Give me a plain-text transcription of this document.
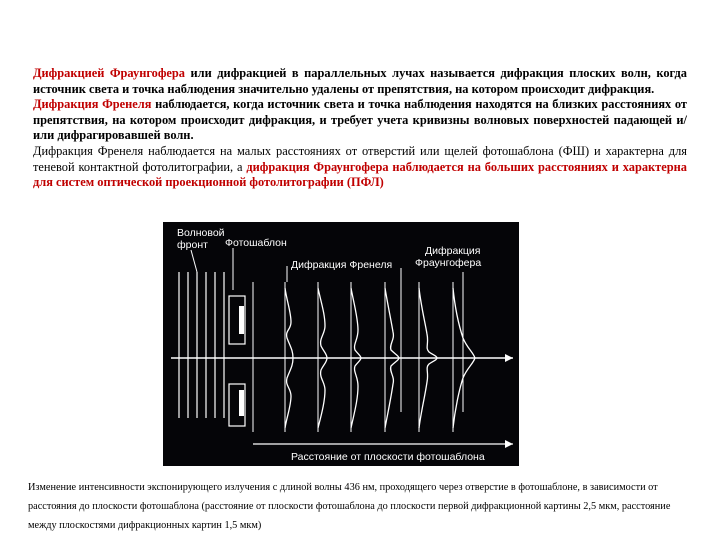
Дифракцией Фраунгофера или дифракцией в параллельных лучах называется дифракция плоских волн, когда источник света и точка наблюдения значительно удалены от препятствия, на котором происходит дифракция.

Дифракция Френеля наблюдается, когда источник света и точка наблюдения находятся на близких расстояниях от препятствия, на котором происходит дифракция, и требует учета кривизны волновых поверхностей падающей и/или дифрагировавшей волн.

Дифракция Френеля наблюдается на малых расстояниях от отверстий или щелей фотошаблона (ФШ) и характерна для теневой контактной фотолитографии, а дифракция Фраунгофера наблюдается на больших расстояниях и характерна для систем оптической проекционной фотолитографии (ПФЛ)

Волновой
фронт Фотошаблон
Дифракция Френеля
Дифракция
Фраунгофера
Расстояние от плоскости фотошаблона

Изменение интенсивности экспонирующего излучения с длиной волны 436 нм, проходящего через отверстие в фотошаблоне, в зависимости от расстояния до плоскости фотошаблона (расстояние от плоскости фотошаблона до плоскости первой дифракционной картины 2,5 мкм, расстояние между плоскостями дифракционных картин 1,5 мкм)
